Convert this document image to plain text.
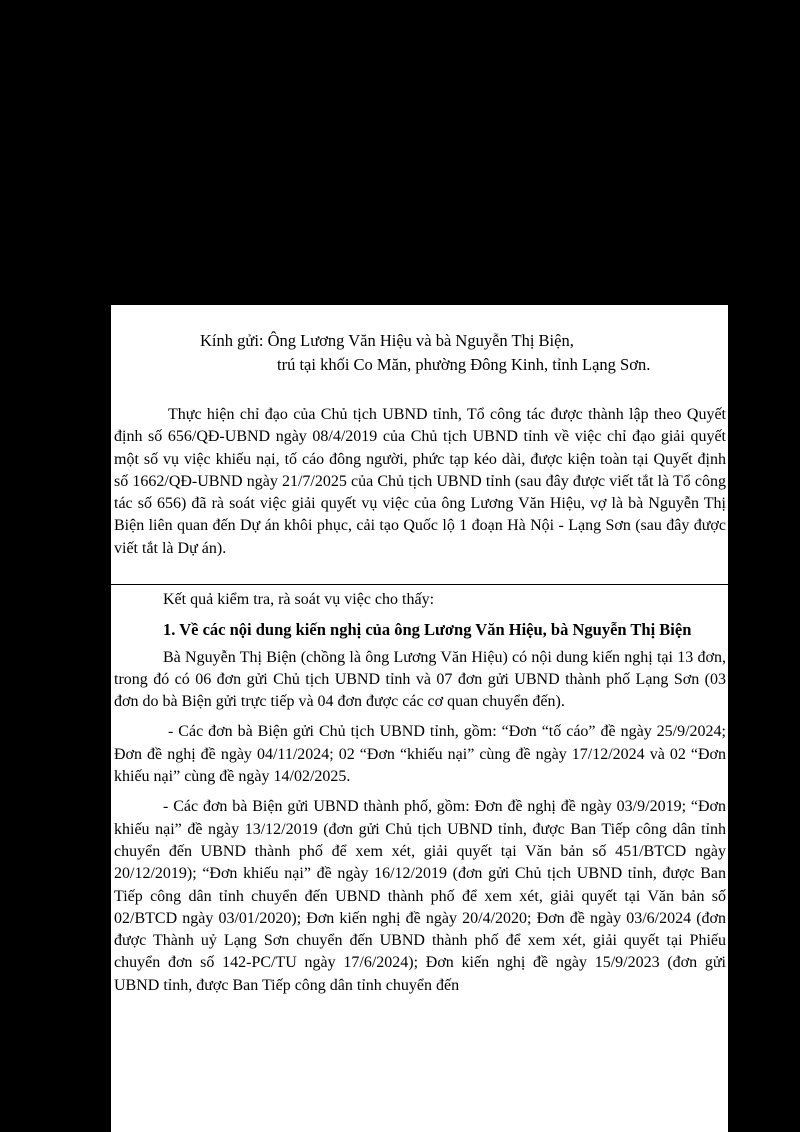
Kính gửi: Ông Lương Văn Hiệu và bà Nguyễn Thị Biện,
trú tại khối Co Măn, phường Đông Kinh, tỉnh Lạng Sơn.

Thực hiện chỉ đạo của Chủ tịch UBND tỉnh, Tổ công tác được thành lập theo Quyết định số 656/QĐ-UBND ngày 08/4/2019 của Chủ tịch UBND tỉnh về việc chỉ đạo giải quyết một số vụ việc khiếu nại, tố cáo đông người, phức tạp kéo dài, được kiện toàn tại Quyết định số 1662/QĐ-UBND ngày 21/7/2025 của Chủ tịch UBND tỉnh (sau đây được viết tắt là Tổ công tác số 656) đã rà soát việc giải quyết vụ việc của ông Lương Văn Hiệu, vợ là bà Nguyễn Thị Biện liên quan đến Dự án khôi phục, cải tạo Quốc lộ 1 đoạn Hà Nội - Lạng Sơn (sau đây được viết tắt là Dự án).

Kết quả kiểm tra, rà soát vụ việc cho thấy:

1. Về các nội dung kiến nghị của ông Lương Văn Hiệu, bà Nguyễn Thị Biện

Bà Nguyễn Thị Biện (chồng là ông Lương Văn Hiệu) có nội dung kiến nghị tại 13 đơn, trong đó có 06 đơn gửi Chủ tịch UBND tỉnh và 07 đơn gửi UBND thành phố Lạng Sơn (03 đơn do bà Biện gửi trực tiếp và 04 đơn được các cơ quan chuyển đến).

- Các đơn bà Biện gửi Chủ tịch UBND tỉnh, gồm: “Đơn “tố cáo” đề ngày 25/9/2024; Đơn đề nghị đề ngày 04/11/2024; 02 “Đơn “khiếu nại” cùng đề ngày 17/12/2024 và 02 “Đơn khiếu nại” cùng đề ngày 14/02/2025.

- Các đơn bà Biện gửi UBND thành phố, gồm: Đơn đề nghị đề ngày 03/9/2019; “Đơn khiếu nại” đề ngày 13/12/2019 (đơn gửi Chủ tịch UBND tỉnh, được Ban Tiếp công dân tỉnh chuyển đến UBND thành phố để xem xét, giải quyết tại Văn bản số 451/BTCD ngày 20/12/2019); “Đơn khiếu nại” đề ngày 16/12/2019 (đơn gửi Chủ tịch UBND tỉnh, được Ban Tiếp công dân tỉnh chuyển đến UBND thành phố để xem xét, giải quyết tại Văn bản số 02/BTCD ngày 03/01/2020); Đơn kiến nghị đề ngày 20/4/2020; Đơn đề ngày 03/6/2024 (đơn được Thành uỷ Lạng Sơn chuyển đến UBND thành phố để xem xét, giải quyết tại Phiếu chuyển đơn số 142-PC/TU ngày 17/6/2024); Đơn kiến nghị đề ngày 15/9/2023 (đơn gửi UBND tỉnh, được Ban Tiếp công dân tỉnh chuyển đến
